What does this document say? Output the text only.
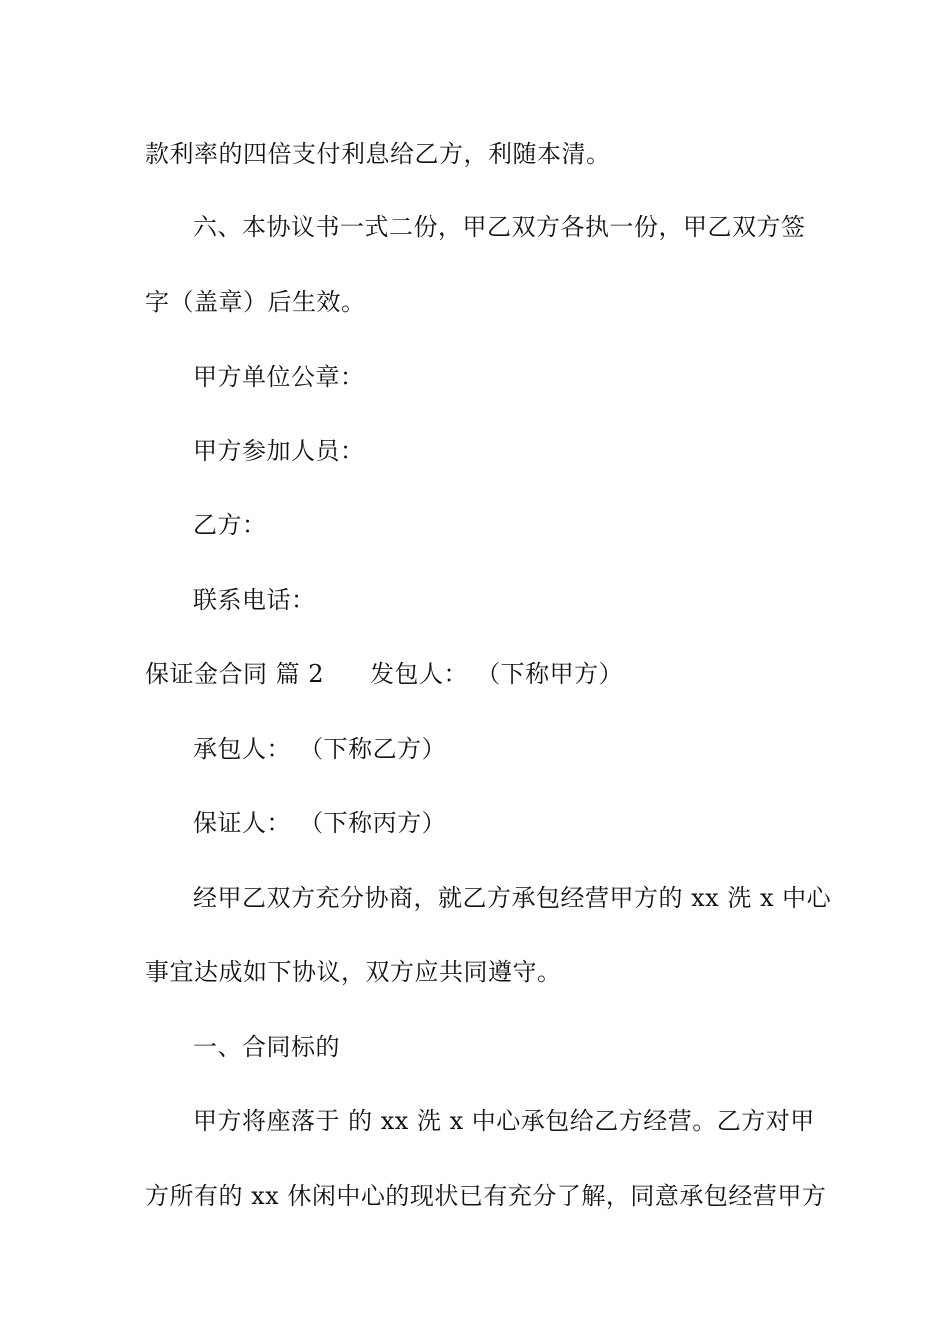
款利率的四倍支付利息给乙方，利随本清。
六、本协议书一式二份，甲乙双方各执一份，甲乙双方签
字（盖章）后生效。
甲方单位公章：
甲方参加人员：
乙方：
联系电话：
保证金合同 篇 2 发包人： （下称甲方）
承包人： （下称乙方）
保证人： （下称丙方）
经甲乙双方充分协商，就乙方承包经营甲方的 xx 洗 x 中心
事宜达成如下协议，双方应共同遵守。
一、合同标的
甲方将座落于 的 xx 洗 x 中心承包给乙方经营。乙方对甲
方所有的 xx 休闲中心的现状已有充分了解，同意承包经营甲方
